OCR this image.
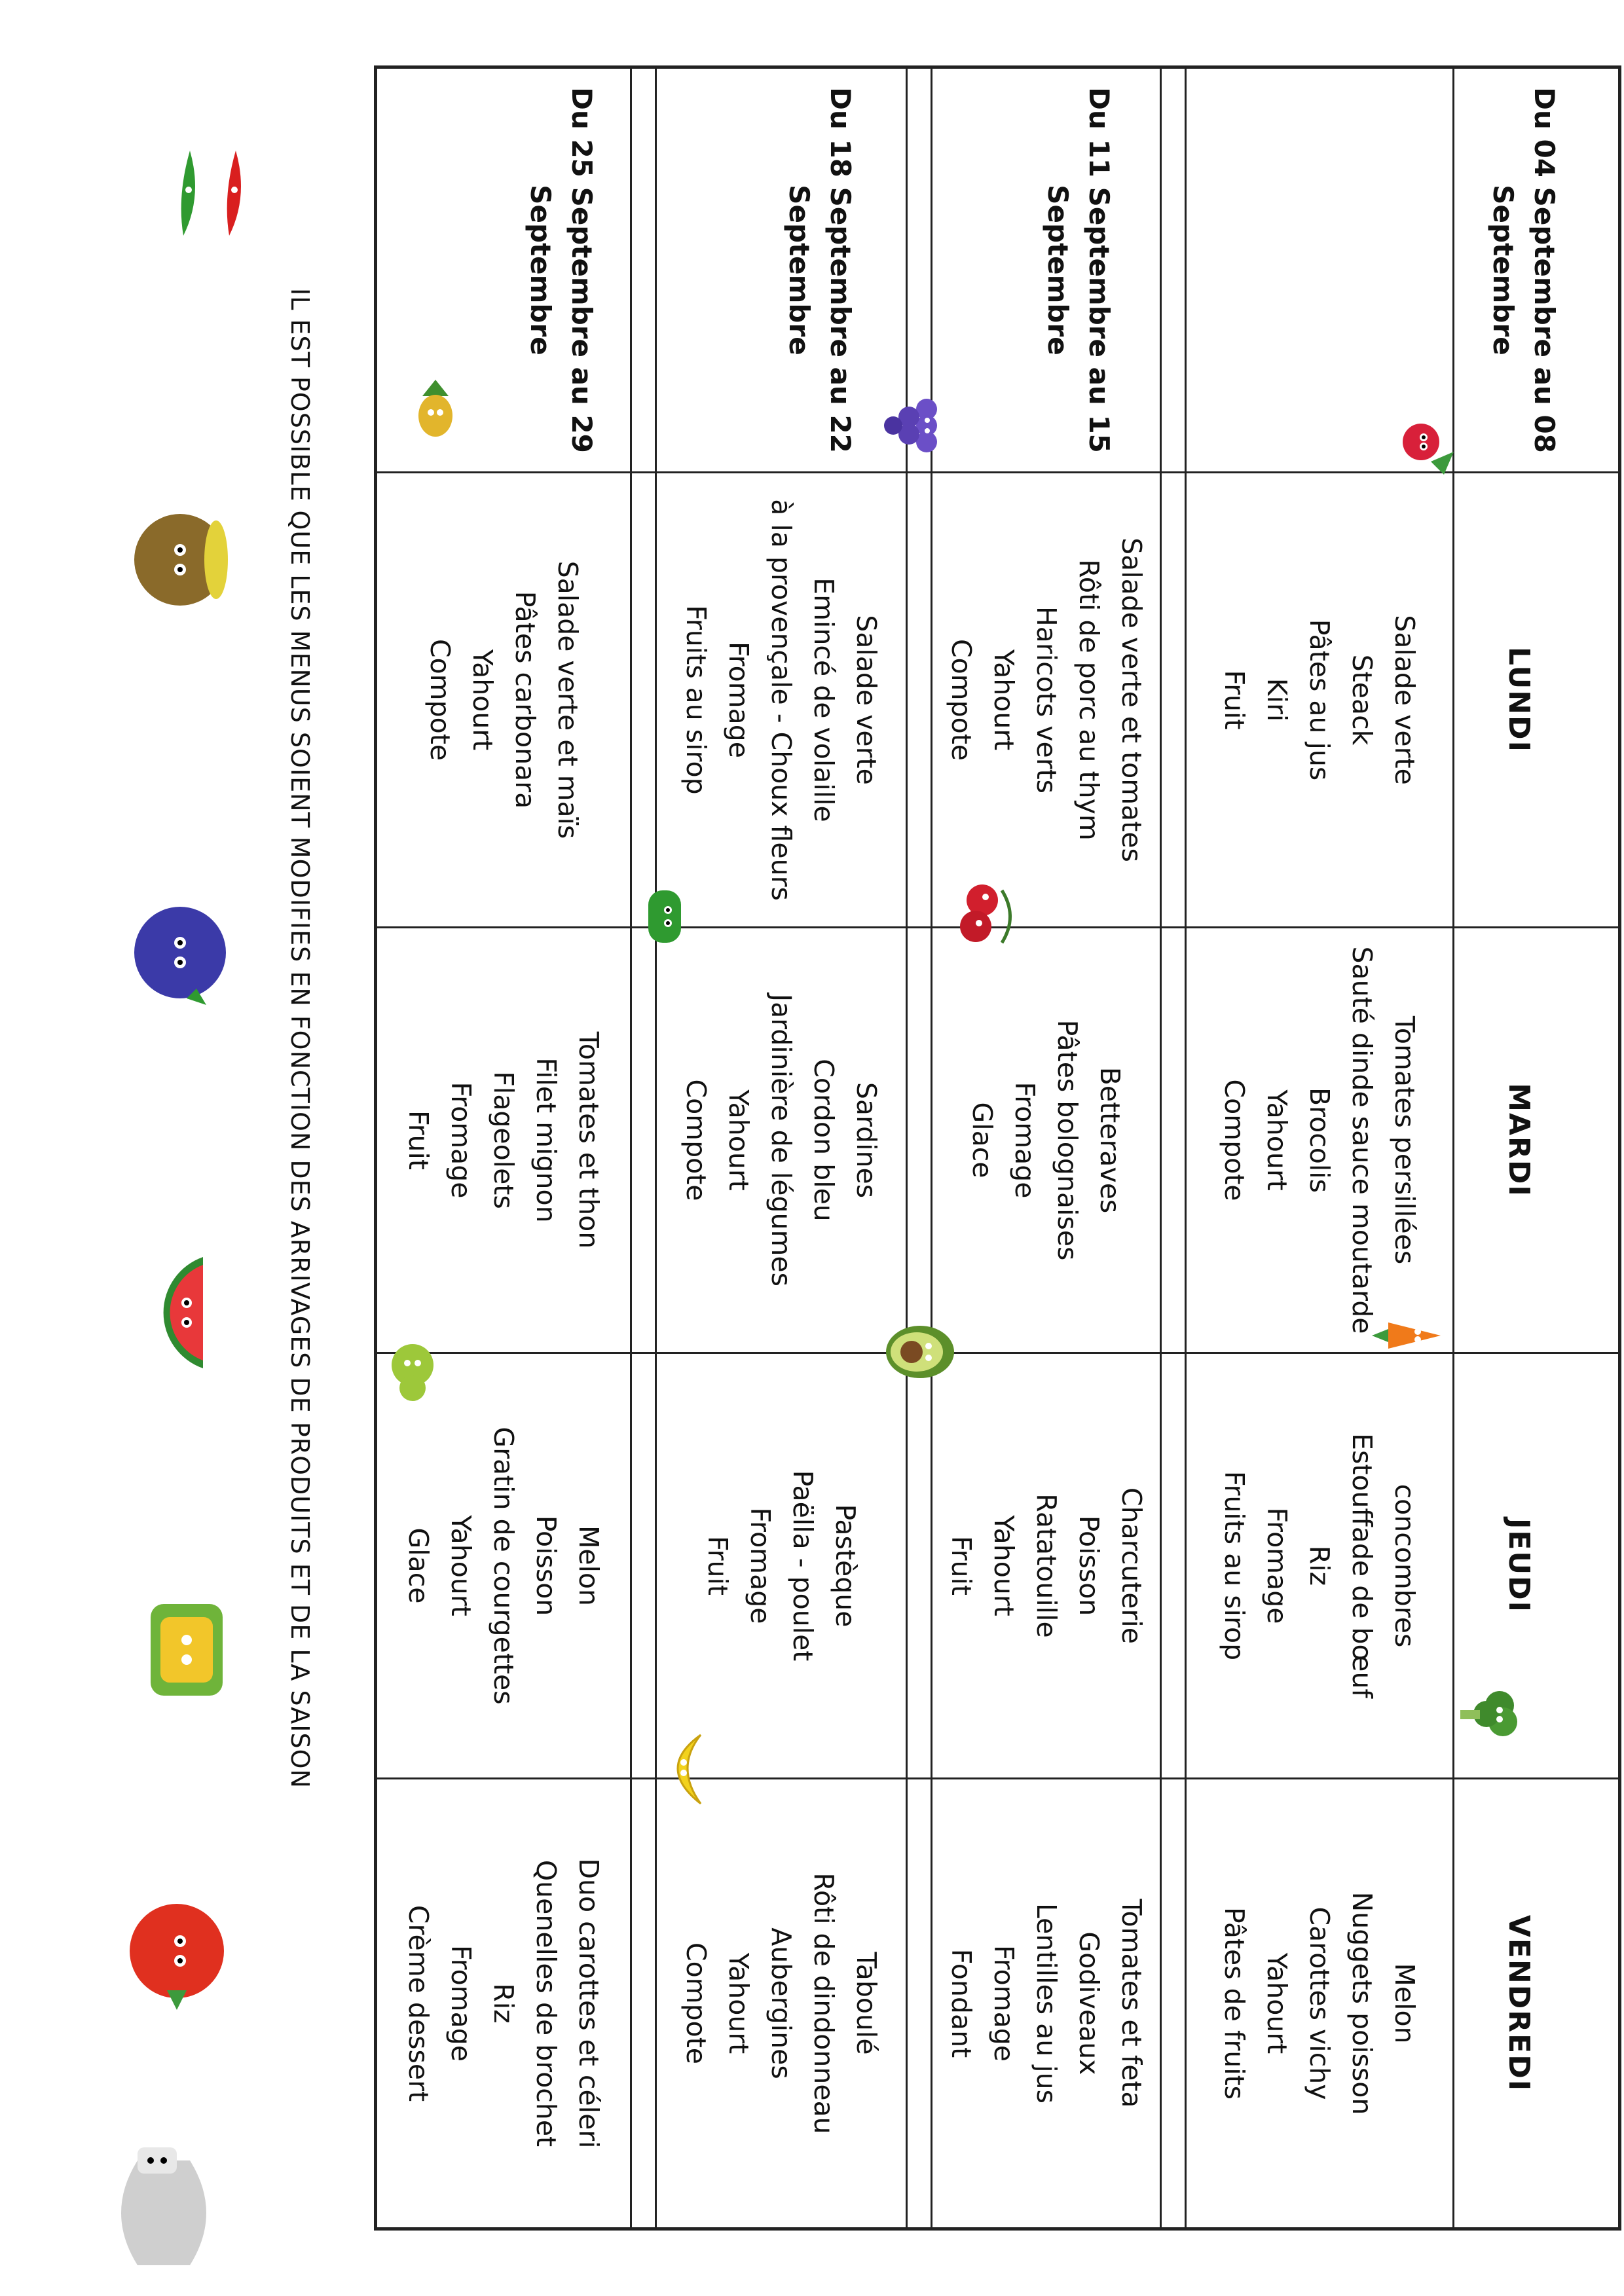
LUNDI
MARDI
JEUDI
VENDREDI
Du 04 Septembre au 08 Septembre
Du 11 Septembre au 15 Septembre
Du 18 Septembre au 22 Septembre
Du 25 Septembre au 29 Septembre
Salade verte
Steack
Pâtes au jus
Kiri
Fruit
Tomates persillées
Sauté dinde sauce moutarde
Brocolis
Yahourt
Compote
concombres
Estouffade de bœuf
Riz
Fromage
Fruits au sirop
Melon
Nuggets poisson
Carottes vichy
Yahourt
Pâtes de fruits
Salade verte et tomates
Rôti de porc au thym
Haricots verts
Yahourt
Compote
Betteraves
Pâtes bolognaises
Fromage
Glace
Charcuterie
Poisson
Ratatouille
Yahourt
Fruit
Tomates et feta
Godiveaux
Lentilles au jus
Fromage
Fondant
Salade verte
Emincé de volaille
à la provençale - Choux fleurs
Fromage
Fruits au sirop
Sardines
Cordon bleu
Jardinière de légumes
Yahourt
Compote
Pastèque
Paëlla - poulet
Fromage
Fruit
Taboulé
Rôti de dindonneau
Aubergines
Yahourt
Compote
Salade verte et maïs
Pâtes carbonara
Yahourt
Compote
Tomates et thon
Filet mignon
Flageolets
Fromage
Fruit
Melon
Poisson
Gratin de courgettes
Yahourt
Glace
Duo carottes et céleri
Quenelles de brochet
Riz
Fromage
Crème dessert
IL EST POSSIBLE QUE LES MENUS SOIENT MODIFIES EN FONCTION DES ARRIVAGES DE PRODUITS ET DE LA SAISON
